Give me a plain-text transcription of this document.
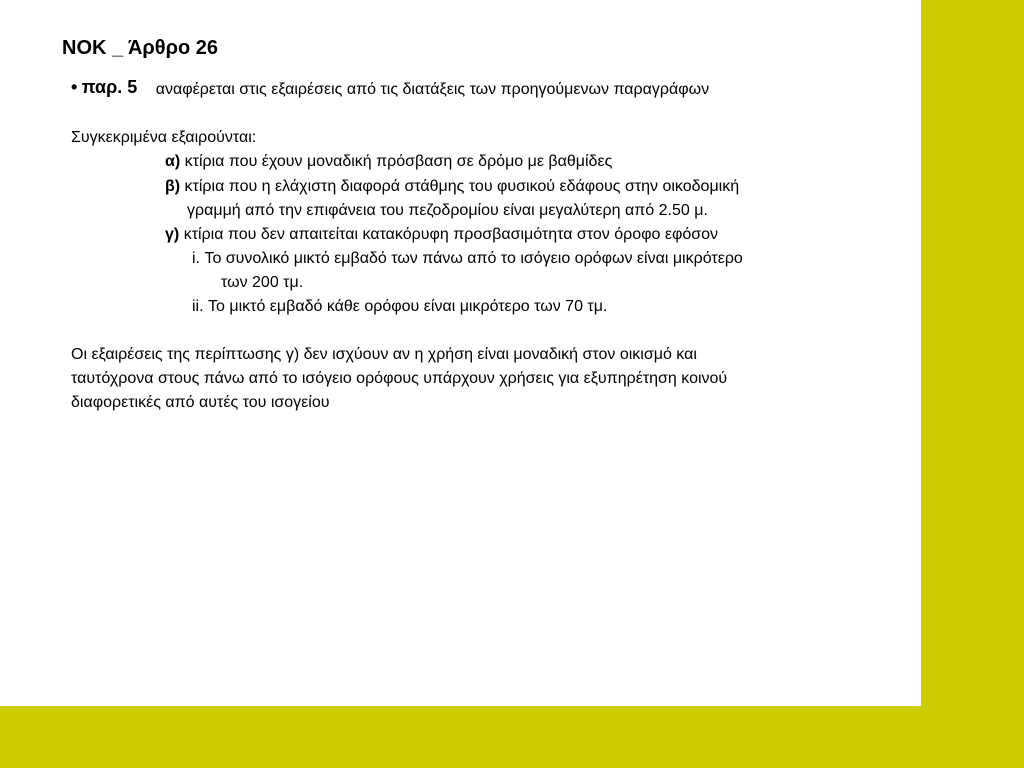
ΝΟΚ _ Άρθρο 26
• παρ. 5 αναφέρεται στις εξαιρέσεις από τις διατάξεις των προηγούμενων παραγράφων
Συγκεκριμένα εξαιρούνται:
α) κτίρια που έχουν μοναδική πρόσβαση σε δρόμο με βαθμίδες
β) κτίρια που η ελάχιστη διαφορά στάθμης του φυσικού εδάφους στην οικοδομική
γραμμή από την επιφάνεια του πεζοδρομίου είναι μεγαλύτερη από 2.50 μ.
γ) κτίρια που δεν απαιτείται κατακόρυφη προσβασιμότητα στον όροφο εφόσον
i. Το συνολικό μικτό εμβαδό των πάνω από το ισόγειο ορόφων είναι μικρότερο
των 200 τμ.
ii. Το μικτό εμβαδό κάθε ορόφου είναι μικρότερο των 70 τμ.
Οι εξαιρέσεις της περίπτωσης γ) δεν ισχύουν αν η χρήση είναι μοναδική στον οικισμό και
ταυτόχρονα στους πάνω από το ισόγειο ορόφους υπάρχουν χρήσεις για εξυπηρέτηση κοινού
διαφορετικές από αυτές του ισογείου
